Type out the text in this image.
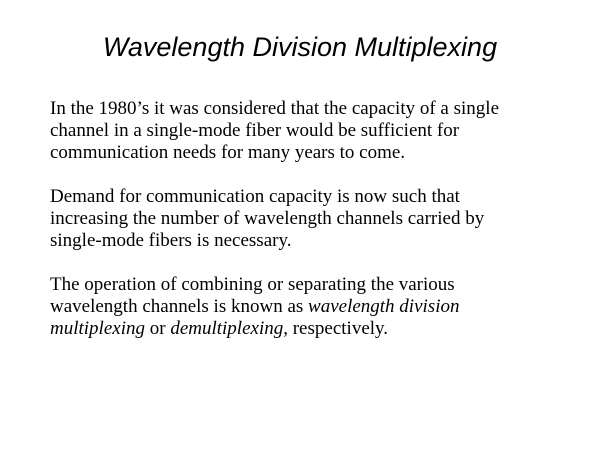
Wavelength Division Multiplexing

In the 1980’s it was considered that the capacity of a single
channel in a single-mode fiber would be sufficient for
communication needs for many years to come.

Demand for communication capacity is now such that
increasing the number of wavelength channels carried by
single-mode fibers is necessary.

The operation of combining or separating the various
wavelength channels is known as wavelength division
multiplexing or demultiplexing, respectively.
